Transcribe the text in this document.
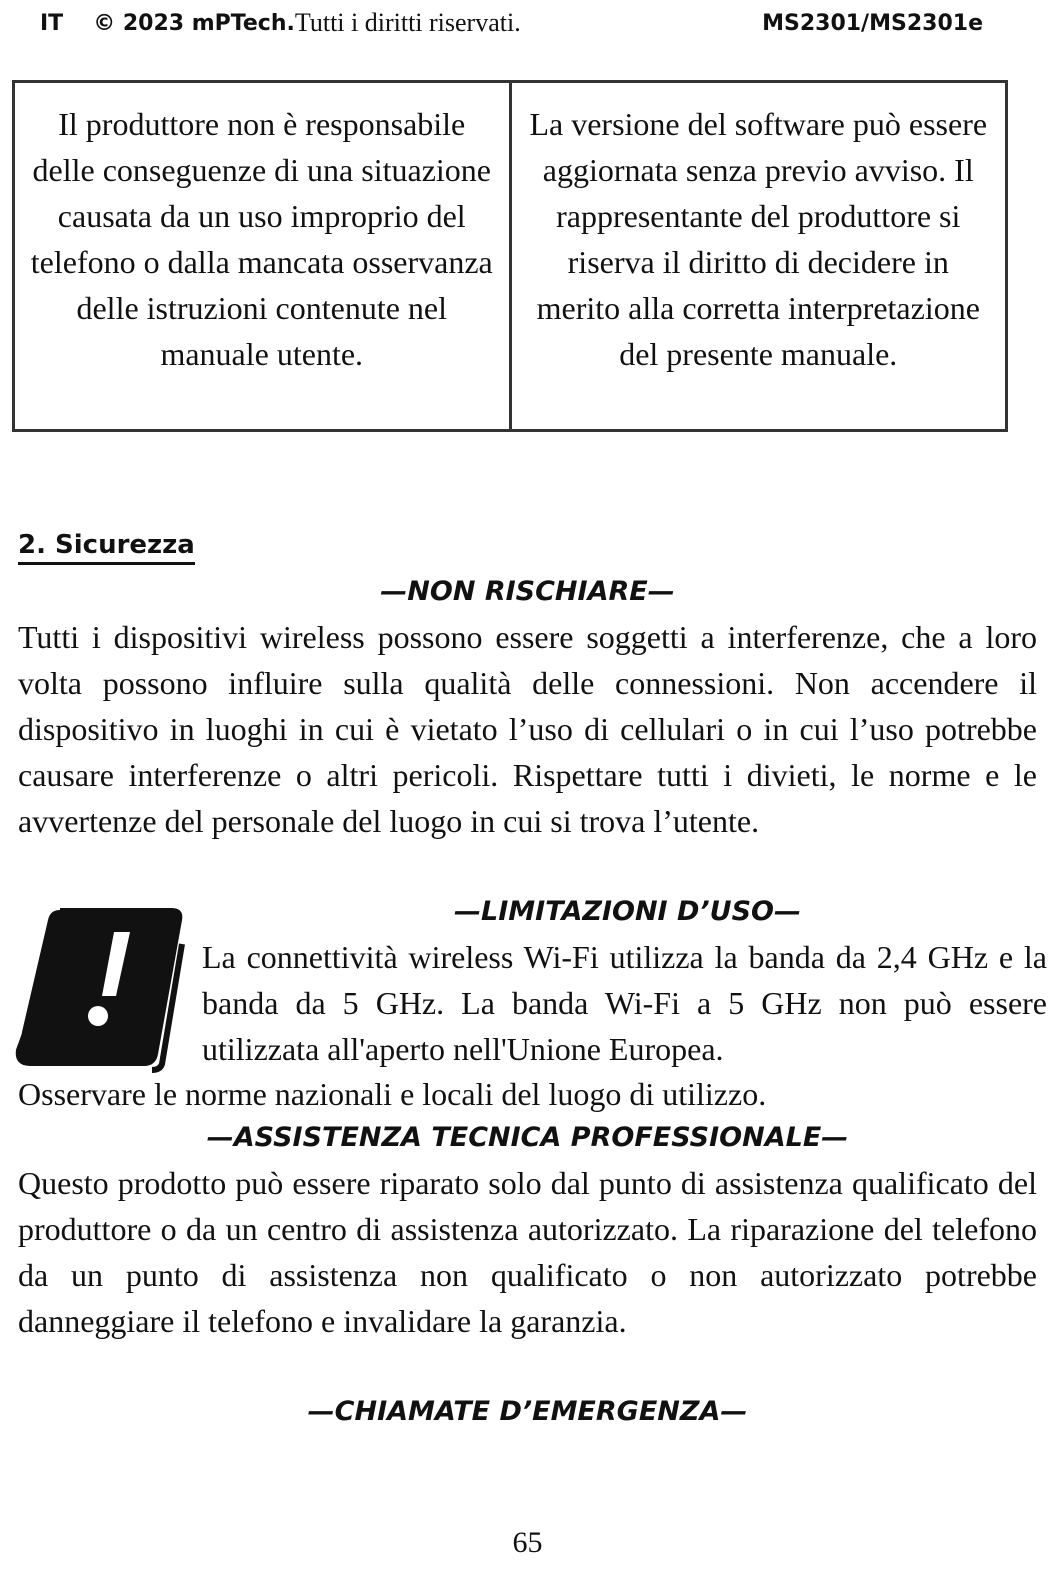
IT © 2023 mPTech. Tutti i diritti riservati.	MS2301/MS2301e
Il produttore non è responsabile delle conseguenze di una situazione causata da un uso improprio del telefono o dalla mancata osservanza delle istruzioni contenute nel manuale utente.
La versione del software può essere aggiornata senza previo avviso. Il rappresentante del produttore si riserva il diritto di decidere in merito alla corretta interpretazione del presente manuale.
2. Sicurezza
—NON RISCHIARE—
Tutti i dispositivi wireless possono essere soggetti a interferenze, che a loro volta possono influire sulla qualità delle connessioni. Non accendere il dispositivo in luoghi in cui è vietato l’uso di cellulari o in cui l’uso potrebbe causare interferenze o altri pericoli. Rispettare tutti i divieti, le norme e le avvertenze del personale del luogo in cui si trova l’utente.
—LIMITAZIONI D’USO—
La connettività wireless Wi-Fi utilizza la banda da 2,4 GHz e la banda da 5 GHz. La banda Wi-Fi a 5 GHz non può essere utilizzata all'aperto nell'Unione Europea.
Osservare le norme nazionali e locali del luogo di utilizzo.
—ASSISTENZA TECNICA PROFESSIONALE—
Questo prodotto può essere riparato solo dal punto di assistenza qualificato del produttore o da un centro di assistenza autorizzato. La riparazione del telefono da un punto di assistenza non qualificato o non autorizzato potrebbe danneggiare il telefono e invalidare la garanzia.
—CHIAMATE D’EMERGENZA—
65
